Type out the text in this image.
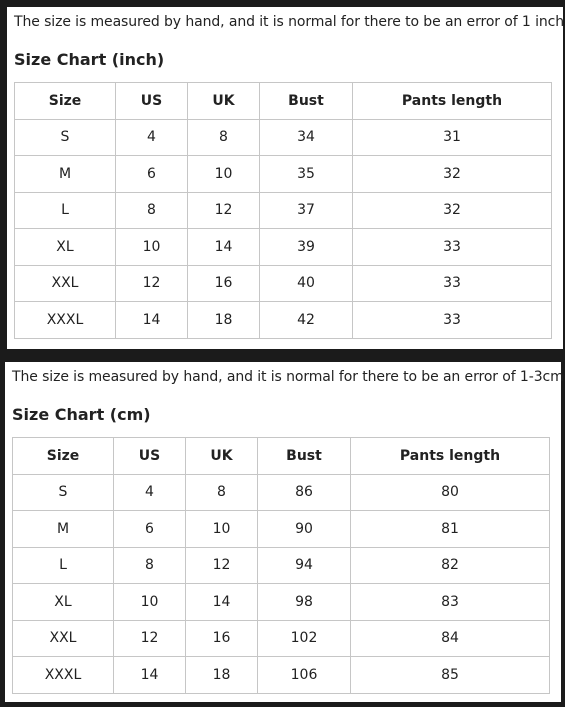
The size is measured by hand, and it is normal for there to be an error of 1 inch
Size Chart (inch)
Size	US	UK	Bust	Pants length
S	4	8	34	31
M	6	10	35	32
L	8	12	37	32
XL	10	14	39	33
XXL	12	16	40	33
XXXL	14	18	42	33
The size is measured by hand, and it is normal for there to be an error of 1-3cm
Size Chart (cm)
Size	US	UK	Bust	Pants length
S	4	8	86	80
M	6	10	90	81
L	8	12	94	82
XL	10	14	98	83
XXL	12	16	102	84
XXXL	14	18	106	85
